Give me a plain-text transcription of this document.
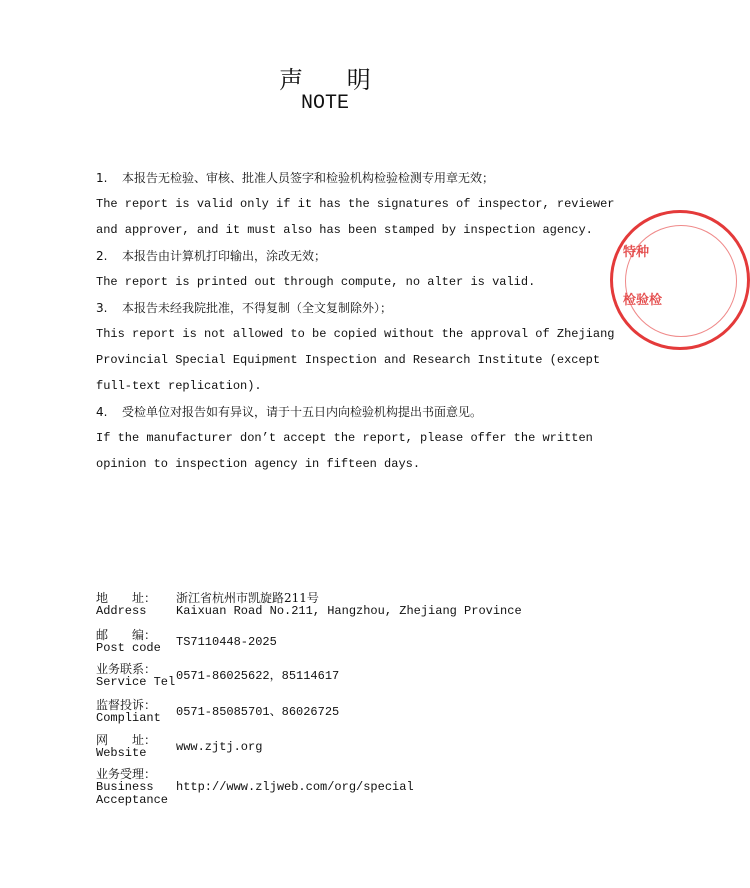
声 明
NOTE
1. 本报告无检验、审核、批准人员签字和检验机构检验检测专用章无效；
The report is valid only if it has the signatures of inspector, reviewer
and approver, and it must also has been stamped by inspection agency.
2. 本报告由计算机打印输出，涂改无效；
The report is printed out through compute, no alter is valid.
3. 本报告未经我院批准，不得复制（全文复制除外）；
This report is not allowed to be copied without the approval of Zhejiang
Provincial Special Equipment Inspection and Research Institute (except
full-text replication).
4. 受检单位对报告如有异议，请于十五日内向检验机构提出书面意见。
If the manufacturer don’t accept the report, please offer the written
opinion to inspection agency in fifteen days.
地　　址：
Address
浙江省杭州市凯旋路211号
Kaixuan Road No.211, Hangzhou, Zhejiang Province
邮　　编：
Post code	TS7110448-2025
业务联系：
Service Tel 0571-86025622，85114617
监督投诉：
Compliant	0571-85085701、86026725
网　　址：
Website	www.zjtj.org
业务受理：
Business
Acceptance
http://www.zljweb.com/org/special
特种
检验检
